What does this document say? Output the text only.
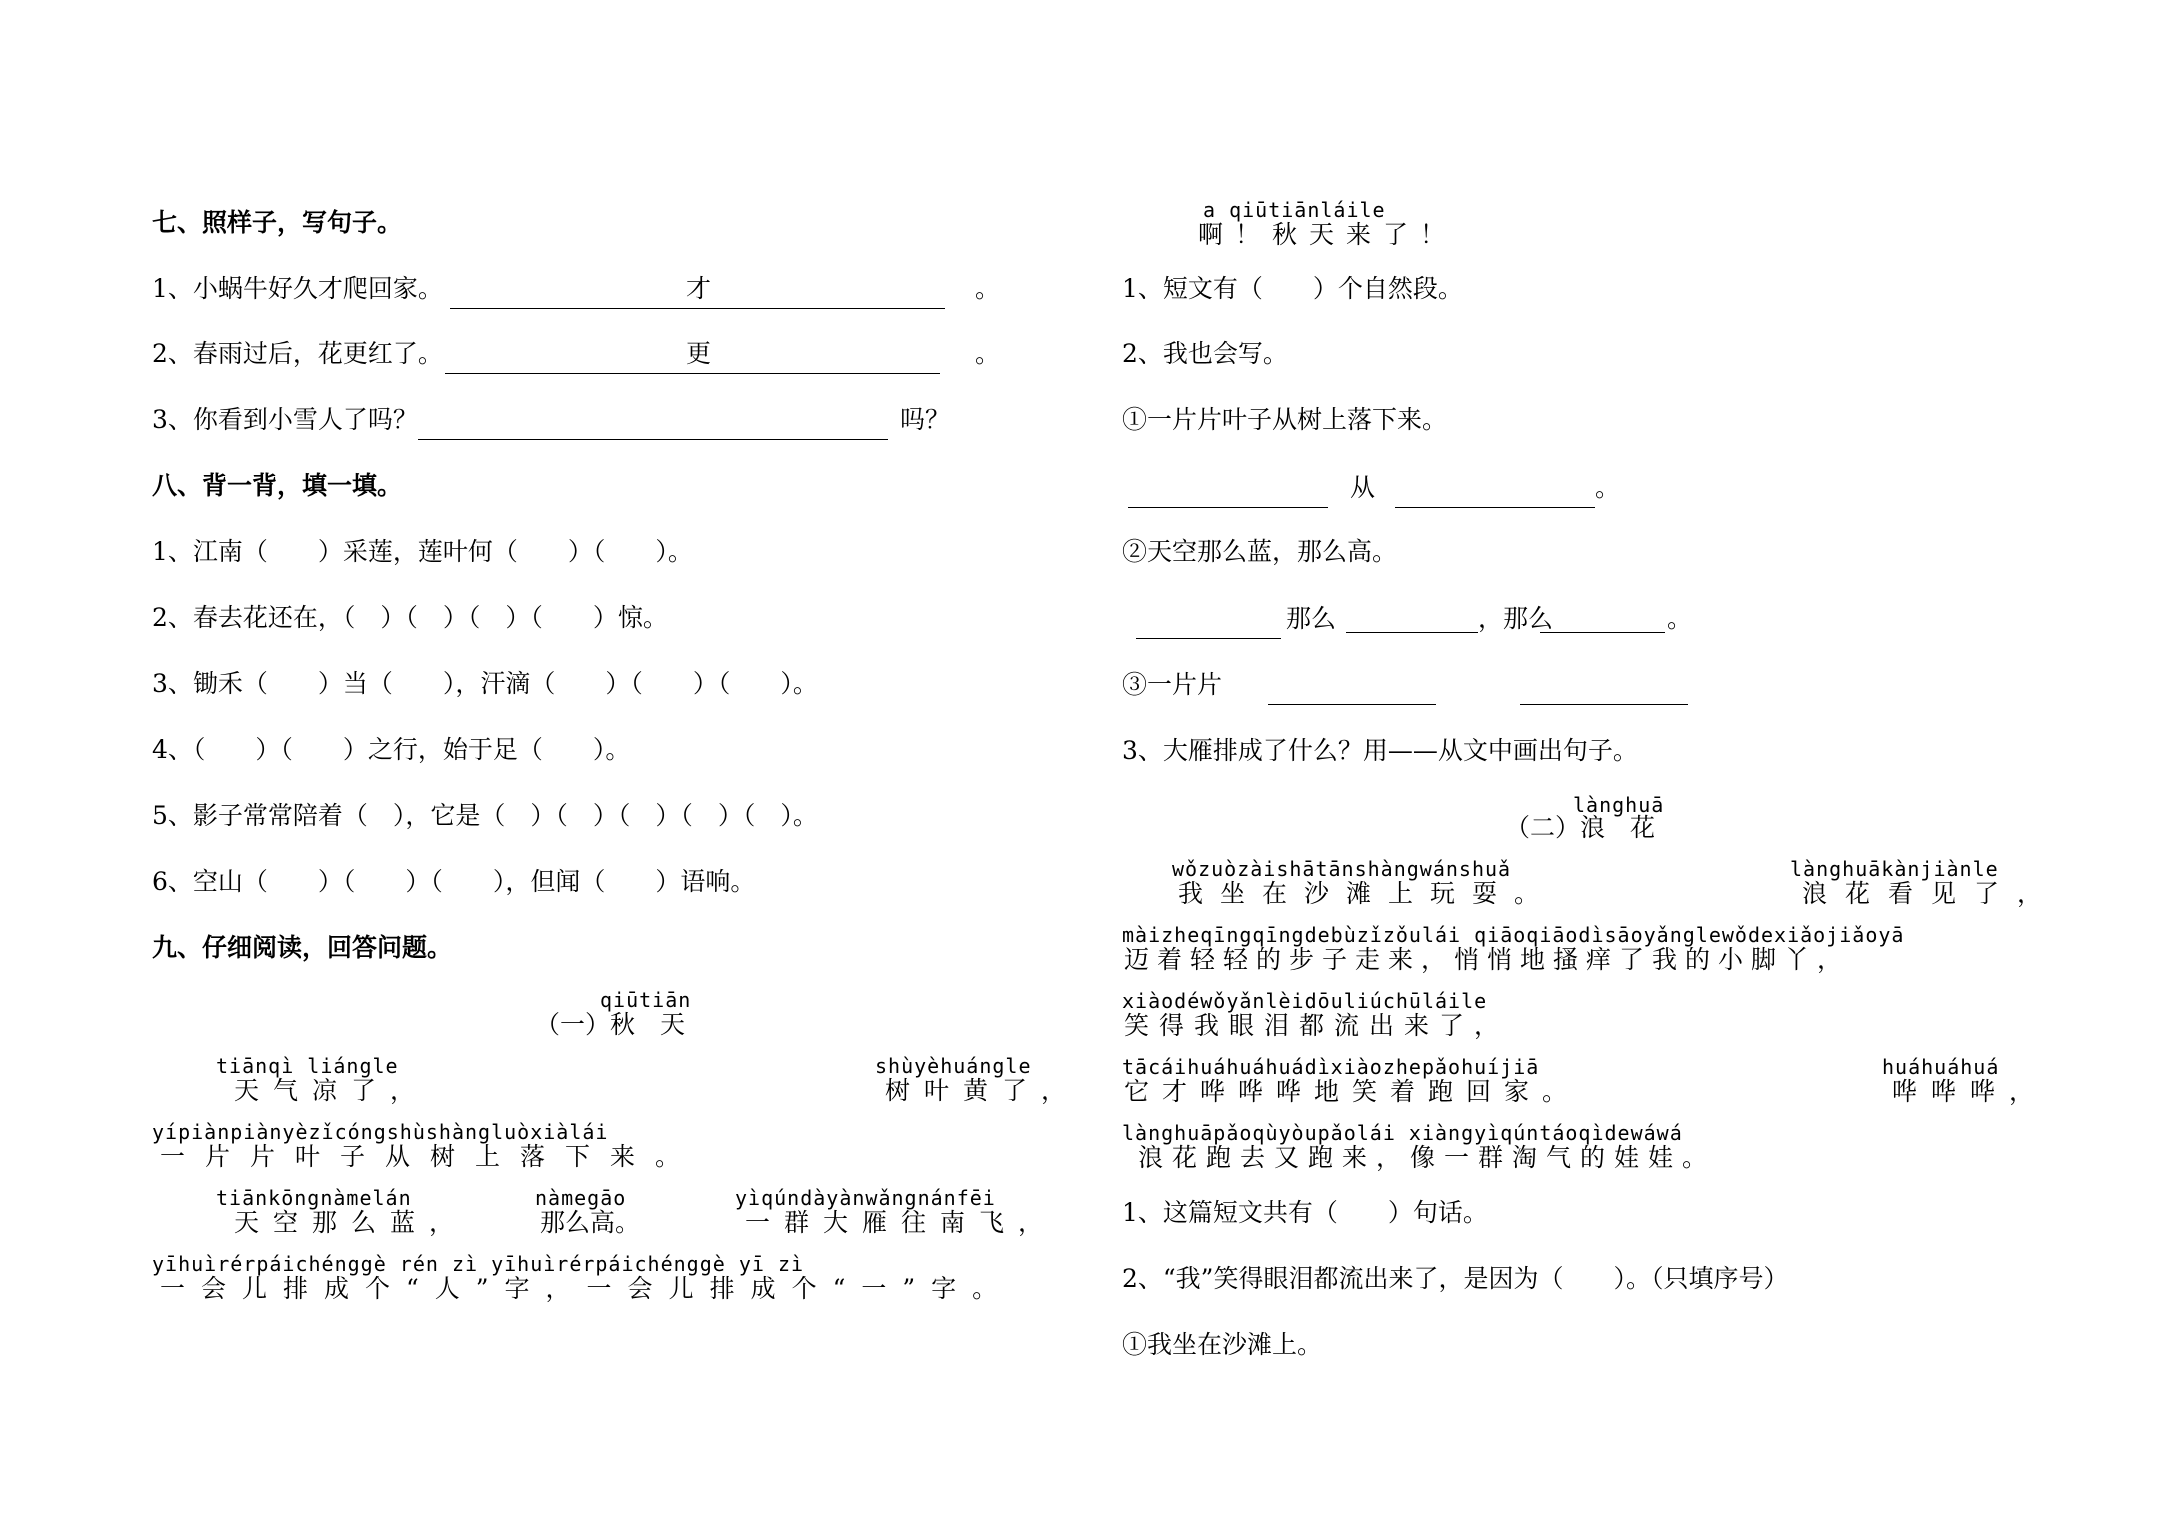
七、照样子，写句子。
1、小蜗牛好久才爬回家。	才	。
2、春雨过后，花更红了。	更	。
3、你看到小雪人了吗？	吗？
八、背一背，填一填。
1、江南（　　）采莲，莲叶何（　　）（　　）。
2、春去花还在，（　）（　）（　）（　　）惊。
3、锄禾（　　）当（　　），汗滴（　　）（　　）（　　）。
4、（　　）（　　）之行，始于足（　　）。
5、影子常常陪着（　），它是（　）（　）（　）（　）（　）。
6、空山（　　）（　　）（　　），但闻（　　）语响。
九、仔细阅读，回答问题。
qiūtiān
（一）秋　天
tiānqì liángle
天气凉了，
shùyèhuángle
树叶黄了，
yípiànpiànyèzǐcóngshùshàngluòxiàlái
一片片叶子从树上落下来。
tiānkōngnàmelán
天空那么蓝，
nàmegāo
那么高。
yìqúndàyànwǎngnánfēi
一群大雁往南飞，
yīhuìrérpáichénggè rén zì yīhuìrérpáichénggè yī zì
一会儿排成个“人”字，一会儿排成个“一”字。
a qiūtiānláile
啊！秋天来了！
1、短文有（　　）个自然段。
2、我也会写。
①一片片叶子从树上落下来。
从	。
②天空那么蓝，那么高。
那么	，那么	。
③一片片
3、大雁排成了什么？用——从文中画出句子。
lànghuā
（二）浪　花
wǒzuòzàishātānshàngwánshuǎ
我坐在沙滩上玩耍。
lànghuākànjiànle
浪花看见了，
màizheqīngqīngdebùzǐzǒulái qiāoqiāodìsāoyǎnglewǒdexiǎojiǎoyā
迈着轻轻的步子走来，悄悄地搔痒了我的小脚丫，
xiàodéwǒyǎnlèidōuliúchūláile
笑得我眼泪都流出来了，
tācáihuáhuáhuádìxiàozhepǎohuíjiā
它才哗哗哗地笑着跑回家。
huáhuáhuá
哗哗哗，
lànghuāpǎoqùyòupǎolái xiàngyìqúntáoqìdewáwá
浪花跑去又跑来，像一群淘气的娃娃。
1、这篇短文共有（　　）句话。
2、“我”笑得眼泪都流出来了，是因为（　　）。（只填序号）
①我坐在沙滩上。
